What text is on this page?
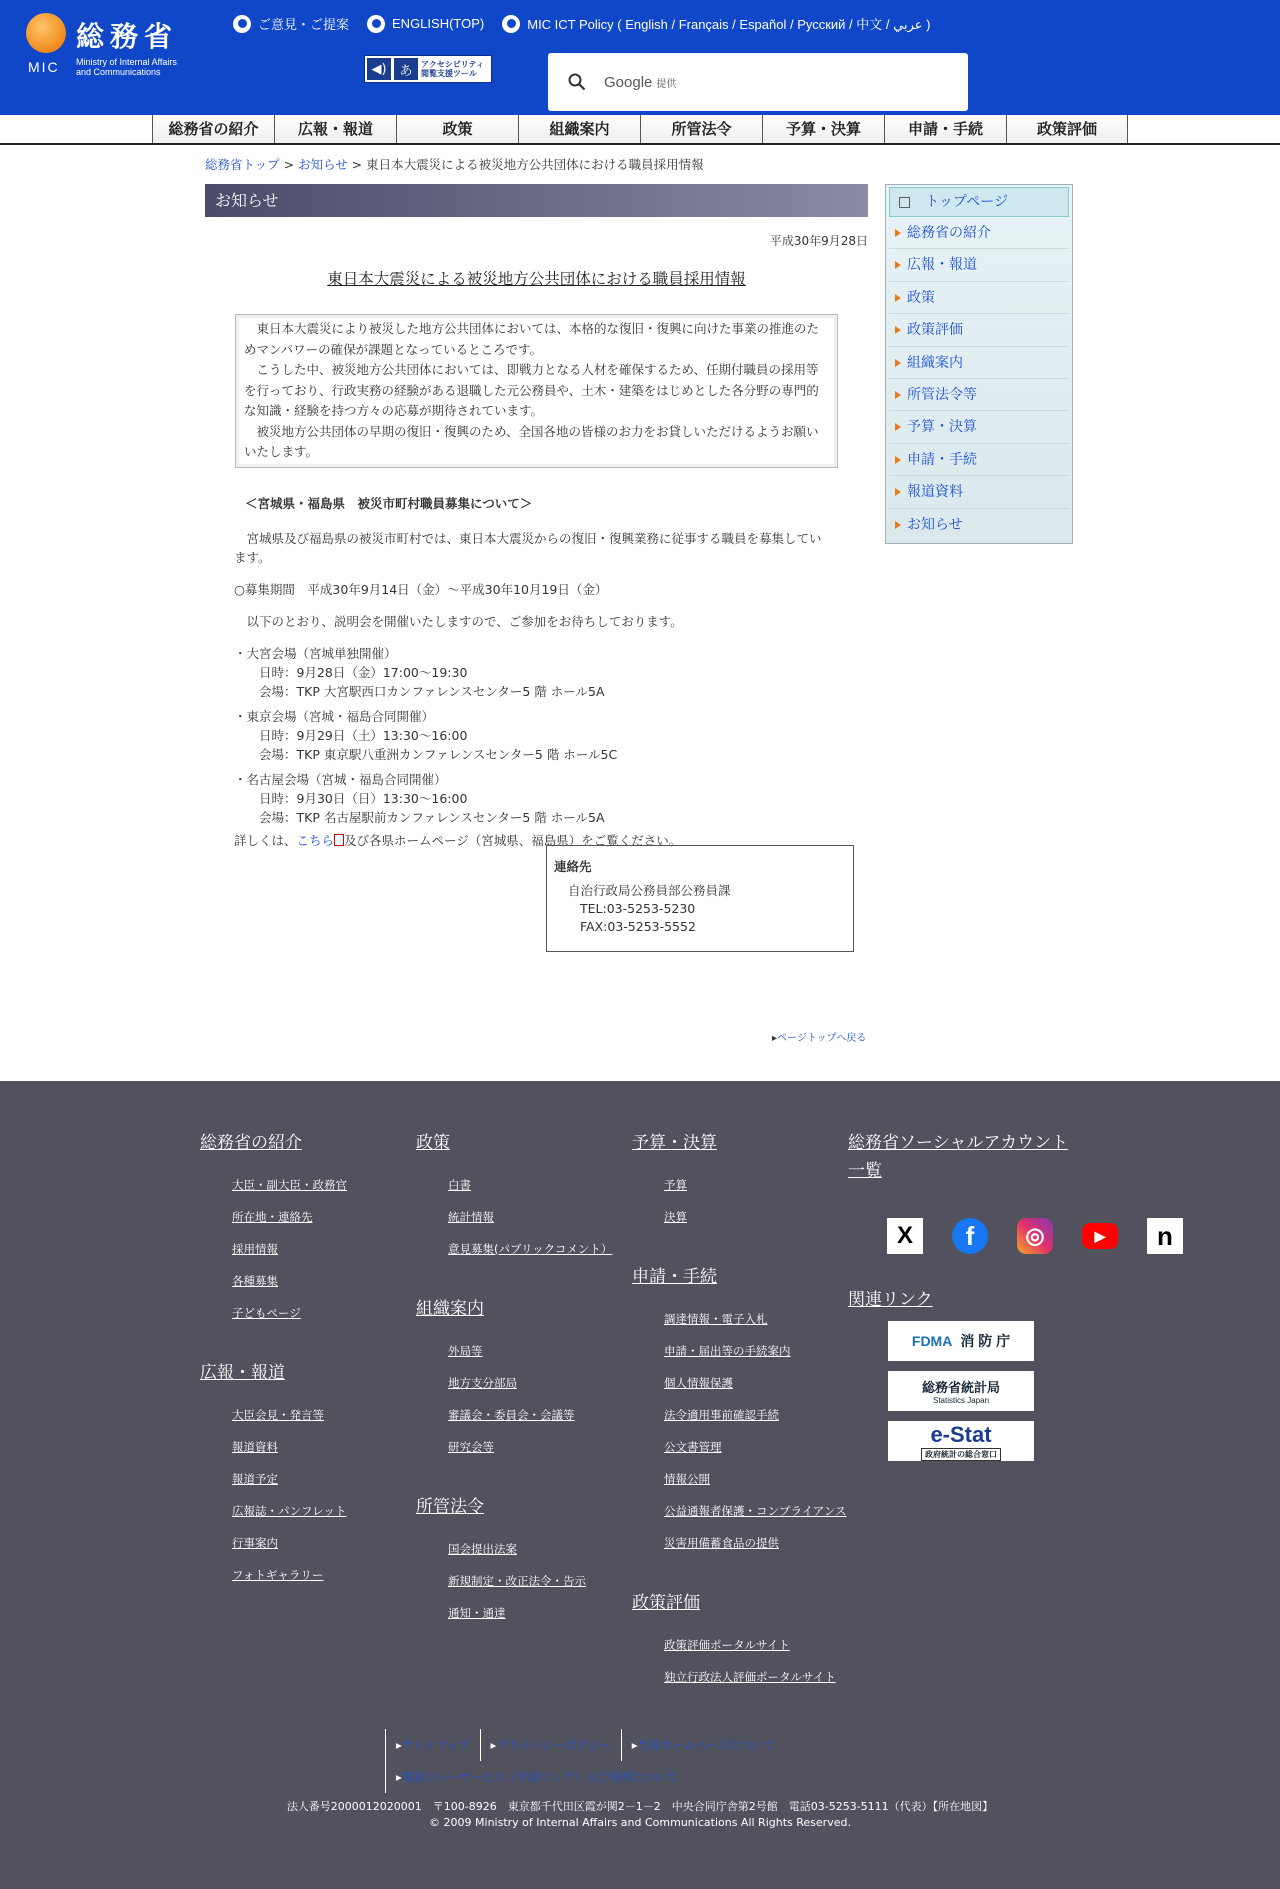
MIC
総務省
Ministry of Internal Affairs
and Communications
ご意見・ご提案	ENGLISH(TOP)	MIC ICT Policy ( English / Français / Español / Русский / 中文 / عربي )
◀) あ	アクセシビリティ
閲覧支援ツール	Google 提供
総務省の紹介	広報・報道	政策	組織案内	所管法令	予算・決算	申請・手続	政策評価
総務省トップ > お知らせ > 東日本大震災による被災地方公共団体における職員採用情報
お知らせ
平成30年9月28日
東日本大震災による被災地方公共団体における職員採用情報

東日本大震災により被災した地方公共団体においては、本格的な復旧・復興に向けた事業の推進のためマンパワーの確保が課題となっているところです。

こうした中、被災地方公共団体においては、即戦力となる人材を確保するため、任期付職員の採用等を行っており、行政実務の経験がある退職した元公務員や、土木・建築をはじめとした各分野の専門的な知識・経験を持つ方々の応募が期待されています。

被災地方公共団体の早期の復旧・復興のため、全国各地の皆様のお力をお貸しいただけるようお願いいたします。

＜宮城県・福島県　被災市町村職員募集について＞

　宮城県及び福島県の被災市町村では、東日本大震災からの復旧・復興業務に従事する職員を募集しています。

○募集期間　平成30年9月14日（金）～平成30年10月19日（金）

　以下のとおり、説明会を開催いたしますので、ご参加をお待ちしております。

・大宮会場（宮城単独開催）
日時：9月28日（金）17:00～19:30
会場：TKP 大宮駅西口カンファレンスセンター5 階 ホール5A
・東京会場（宮城・福島合同開催）
日時：9月29日（土）13:30～16:00
会場：TKP 東京駅八重洲カンファレンスセンター5 階 ホール5C
・名古屋会場（宮城・福島合同開催）
日時：9月30日（日）13:30～16:00
会場：TKP 名古屋駅前カンファレンスセンター5 階 ホール5A

詳しくは、こちら 及び各県ホームページ（宮城県、福島県）をご覧ください。

連絡先
自治行政局公務員部公務員課
TEL:03-5253-5230
FAX:03-5253-5552
▸ページトップへ戻る
□ トップページ
総務省の紹介
広報・報道
政策
政策評価
組織案内
所管法令等
予算・決算
申請・手続
報道資料
お知らせ
総務省の紹介
大臣・副大臣・政務官
所在地・連絡先
採用情報
各種募集
子どもページ
広報・報道
大臣会見・発言等
報道資料
報道予定
広報誌・パンフレット
行事案内
フォトギャラリー
政策
白書
統計情報
意見募集(パブリックコメント）
組織案内
外局等
地方支分部局
審議会・委員会・会議等
研究会等
所管法令
国会提出法案
新規制定・改正法令・告示
通知・通達
予算・決算
予算
決算
申請・手続
調達情報・電子入札
申請・届出等の手続案内
個人情報保護
法令適用事前確認手続
公文書管理
情報公開
公益通報者保護・コンプライアンス
災害用備蓄食品の提供
政策評価
政策評価ポータルサイト
独立行政法人評価ポータルサイト
総務省ソーシャルアカウント一覧
X	f	◎	▶	n
関連リンク
FDMA 消 防 庁
総務省統計局
Statistics Japan
e-Stat
政府統計の総合窓口
▸サイトマップ ▸プライバシーポリシー ▸当省ホームページについて
▸電話リレーサービス（手話リンク）のご利用について
法人番号2000012020001　〒100-8926　東京都千代田区霞が関2－1－2　中央合同庁舎第2号館　電話03-5253-5111（代表）【所在地図】
© 2009 Ministry of Internal Affairs and Communications All Rights Reserved.
